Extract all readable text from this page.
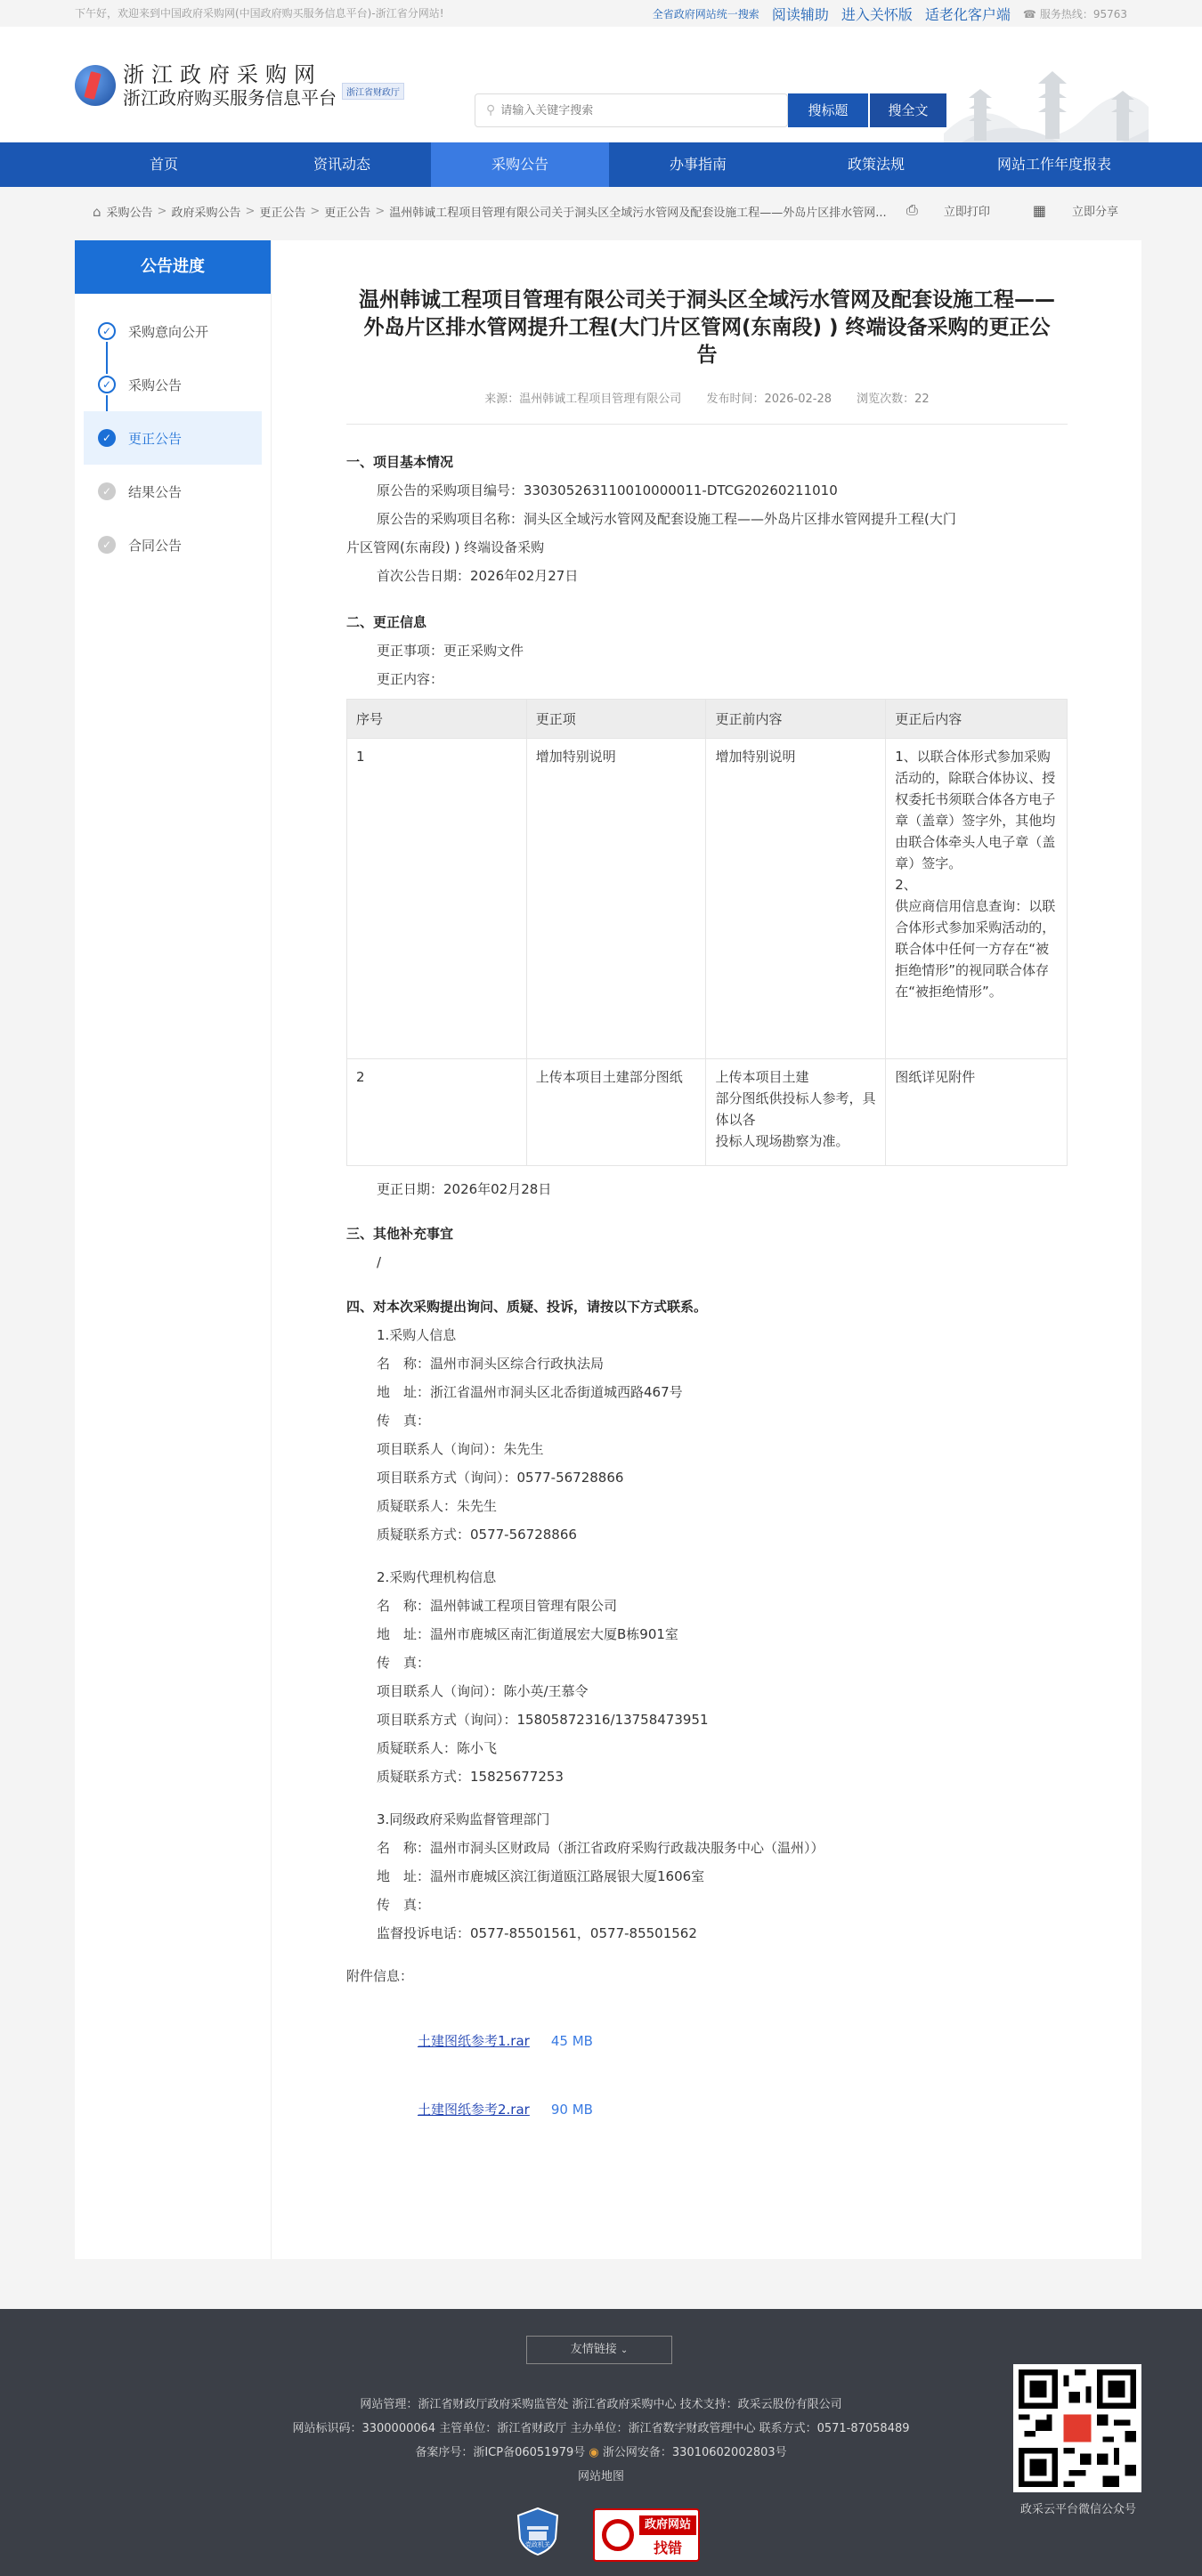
下午好，欢迎来到中国政府采购网(中国政府购买服务信息平台)-浙江省分网站!	全省政府网站统一搜索 阅读辅助 进入关怀版 适老化客户端 ☎ 服务热线：95763
浙江政府采购网
浙江政府购买服务信息平台	浙江省财政厅
⚲
请输入关键字搜索	搜标题	搜全文
首页	资讯动态	采购公告	办事指南	政策法规	网站工作年度报表
⌂ 采购公告 > 政府采购公告 > 更正公告 > 更正公告 > 温州韩诚工程项目管理有限公司关于洞头区全域污水管网及配套设施工程——外岛片区排水管网... ⎙ 立即打印	▦ 立即分享
公告进度
✓	采购意向公开
✓	采购公告
✓	更正公告
✓	结果公告
✓	合同公告
温州韩诚工程项目管理有限公司关于洞头区全域污水管网及配套设施工程——外岛片区排水管网提升工程(大门片区管网(东南段) ) 终端设备采购的更正公告
来源：温州韩诚工程项目管理有限公司 发布时间：2026-02-28 浏览次数：22
一、项目基本情况
原公告的采购项目编号：330305263110010000011-DTCG20260211010
原公告的采购项目名称：洞头区全域污水管网及配套设施工程——外岛片区排水管网提升工程(大门
片区管网(东南段) ) 终端设备采购
首次公告日期：2026年02月27日
二、更正信息
更正事项：更正采购文件
更正内容：
序号	更正项	更正前内容	更正后内容
1	增加特别说明	增加特别说明	1、以联合体形式参加采购活动的，除联合体协议、授权委托书须联合体各方电子章（盖章）签字外，其他均由联合体牵头人电子章（盖章）签字。
2、
供应商信用信息查询：以联合体形式参加采购活动的，联合体中任何一方存在“被拒绝情形”的视同联合体存在“被拒绝情形”。

2	上传本项目土建部分图纸	上传本项目土建
部分图纸供投标人参考，具体以各
投标人现场勘察为准。	图纸详见附件
更正日期：2026年02月28日
三、其他补充事宜
/
四、对本次采购提出询问、质疑、投诉，请按以下方式联系。
1.采购人信息
名　称：温州市洞头区综合行政执法局
地　址：浙江省温州市洞头区北岙街道城西路467号
传　真：
项目联系人（询问）：朱先生
项目联系方式（询问）：0577-56728866
质疑联系人：朱先生
质疑联系方式：0577-56728866
2.采购代理机构信息
名　称：温州韩诚工程项目管理有限公司
地　址：温州市鹿城区南汇街道展宏大厦B栋901室
传　真：
项目联系人（询问）：陈小英/王慕令
项目联系方式（询问）：15805872316/13758473951
质疑联系人：陈小飞
质疑联系方式：15825677253
3.同级政府采购监督管理部门
名　称：温州市洞头区财政局（浙江省政府采购行政裁决服务中心（温州））
地　址：温州市鹿城区滨江街道瓯江路展银大厦1606室
传　真：
监督投诉电话：0577-85501561，0577-85501562
附件信息：
土建图纸参考1.rar 45 MB
土建图纸参考2.rar 90 MB
友情链接 ⌄
网站管理：浙江省财政厅政府采购监管处 浙江省政府采购中心 技术支持：政采云股份有限公司
网站标识码：3300000064 主管单位：浙江省财政厅 主办单位：浙江省数字财政管理中心 联系方式：0571-87058489
备案序号：浙ICP备06051979号 ◉ 浙公网安备：33010602002803号
网站地图
政采云平台微信公众号
党政机关
政府网站
找错
